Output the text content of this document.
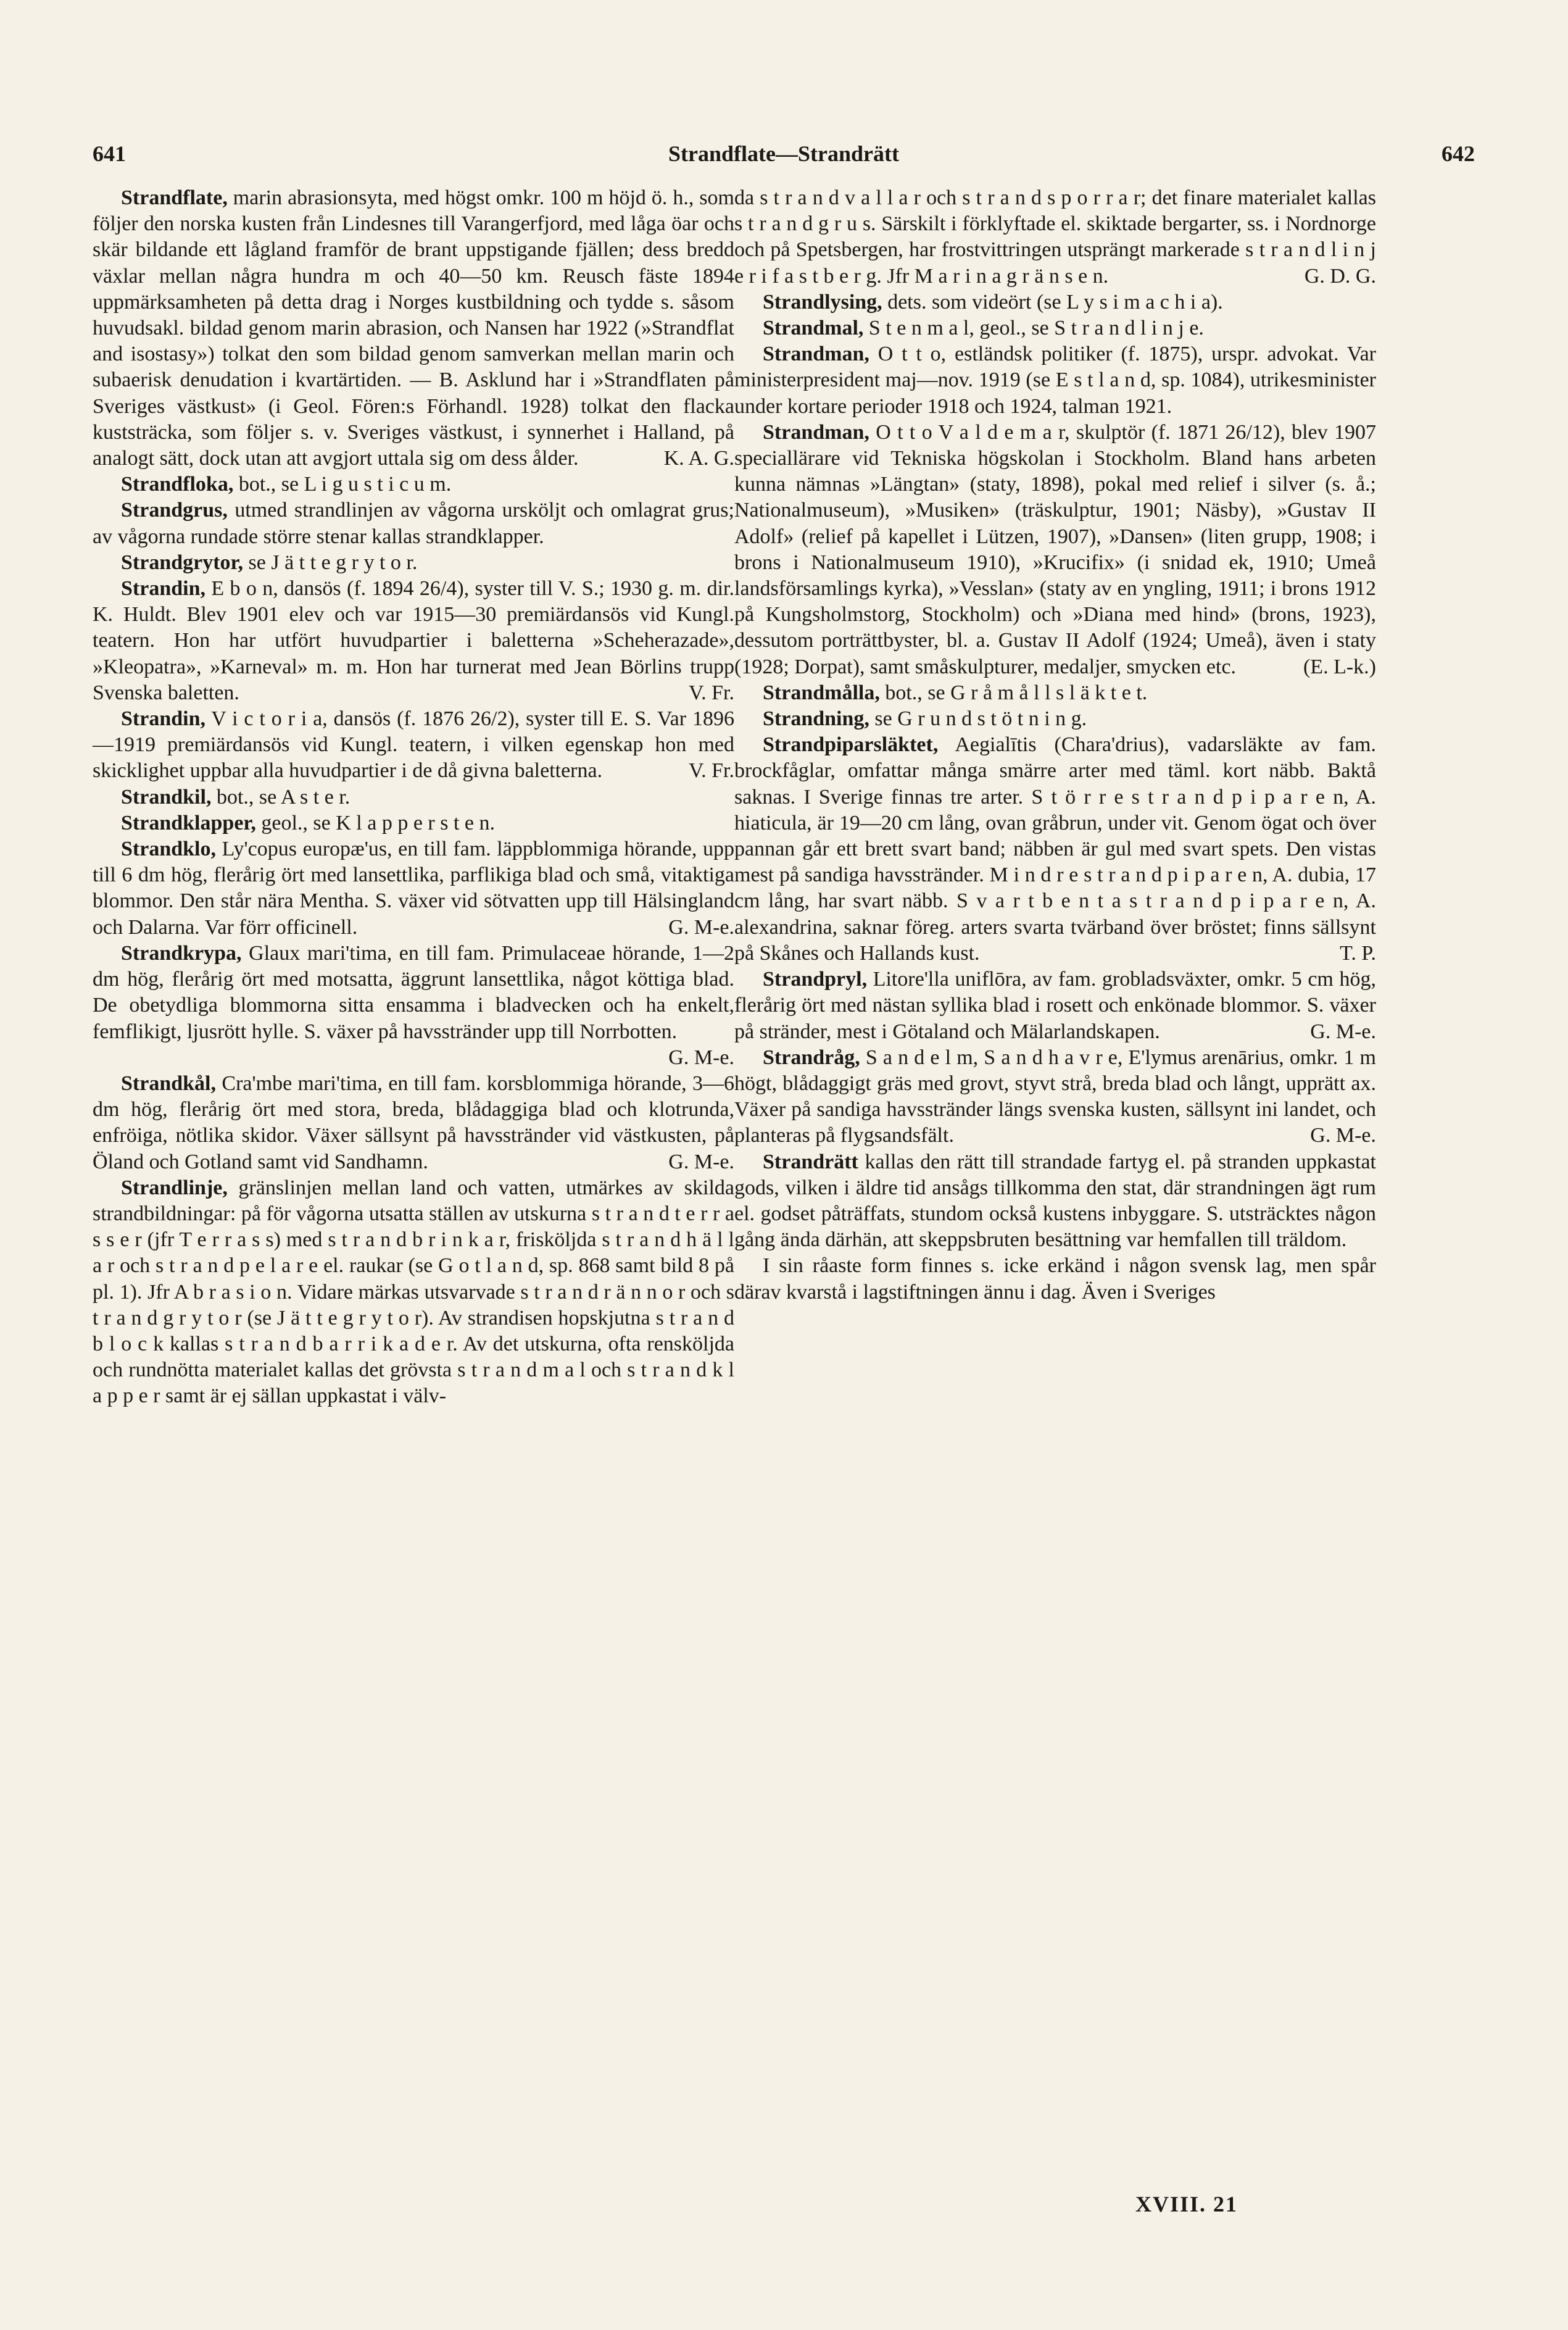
641	Strandflate—Strandrätt	642

Strandflate, marin abrasionsyta, med högst omkr. 100 m höjd ö. h., som följer den norska kusten från Lindesnes till Varangerfjord, med låga öar och skär bildande ett lågland framför de brant uppstigande fjällen; dess bredd växlar mellan några hundra m och 40—50 km. Reusch fäste 1894 uppmärksamheten på detta drag i Norges kustbildning och tydde s. såsom huvudsakl. bildad genom marin abrasion, och Nansen har 1922 (»Strandflat and isostasy») tolkat den som bildad genom samverkan mellan marin och subaerisk denudation i kvartärtiden. — B. Asklund har i »Strandflaten på Sveriges västkust» (i Geol. Fören:s Förhandl. 1928) tolkat den flacka kuststräcka, som följer s. v. Sveriges västkust, i synnerhet i Halland, på analogt sätt, dock utan att avgjort uttala sig om dess ålder.	K. A. G.

Strandfloka, bot., se L i g u s t i c u m.

Strandgrus, utmed strandlinjen av vågorna ursköljt och omlagrat grus; av vågorna rundade större stenar kallas strandklapper.

Strandgrytor, se J ä t t e g r y t o r.

Strandin, E b o n, dansös (f. 1894 26/4), syster till V. S.; 1930 g. m. dir. K. Huldt. Blev 1901 elev och var 1915—30 premiärdansös vid Kungl. teatern. Hon har utfört huvudpartier i baletterna »Scheherazade», »Kleopatra», »Karneval» m. m. Hon har turnerat med Jean Börlins trupp Svenska baletten.	V. Fr.

Strandin, V i c t o r i a, dansös (f. 1876 26/2), syster till E. S. Var 1896—1919 premiärdansös vid Kungl. teatern, i vilken egenskap hon med skicklighet uppbar alla huvudpartier i de då givna baletterna.	V. Fr.

Strandkil, bot., se A s t e r.

Strandklapper, geol., se K l a p p e r s t e n.

Strandklo, Ly'copus europæ'us, en till fam. läppblommiga hörande, upp till 6 dm hög, flerårig ört med lansettlika, parflikiga blad och små, vitaktiga blommor. Den står nära Mentha. S. växer vid sötvatten upp till Hälsingland och Dalarna. Var förr officinell.	G. M-e.

Strandkrypa, Glaux mari'tima, en till fam. Primulaceae hörande, 1—2 dm hög, flerårig ört med motsatta, äggrunt lansettlika, något köttiga blad. De obetydliga blommorna sitta ensamma i bladvecken och ha enkelt, femflikigt, ljusrött hylle. S. växer på havsstränder upp till Norrbotten.
G. M-e.

Strandkål, Cra'mbe mari'tima, en till fam. korsblommiga hörande, 3—6 dm hög, flerårig ört med stora, breda, blådaggiga blad och klotrunda, enfröiga, nötlika skidor. Växer sällsynt på havsstränder vid västkusten, på Öland och Gotland samt vid Sandhamn.	G. M-e.

Strandlinje, gränslinjen mellan land och vatten, utmärkes av skilda strandbildningar: på för vågorna utsatta ställen av utskurna s t r a n d t e r r a s s e r (jfr T e r r a s s) med s t r a n d b r i n k a r, frisköljda s t r a n d h ä l l a r och s t r a n d p e l a r e el. raukar (se G o t l a n d, sp. 868 samt bild 8 på pl. 1). Jfr A b r a s i o n. Vidare märkas utsvarvade s t r a n d r ä n n o r och s t r a n d g r y t o r (se J ä t t e g r y t o r). Av strandisen hopskjutna s t r a n d b l o c k kallas s t r a n d b a r r i k a d e r. Av det utskurna, ofta rensköljda och rundnötta materialet kallas det grövsta s t r a n d m a l och s t r a n d k l a p p e r samt är ej sällan uppkastat i välv-

da s t r a n d v a l l a r och s t r a n d s p o r r a r; det finare materialet kallas s t r a n d g r u s. Särskilt i förklyftade el. skiktade bergarter, ss. i Nordnorge och på Spetsbergen, har frostvittringen utsprängt markerade s t r a n d l i n j e r i f a s t b e r g. Jfr M a r i n a g r ä n s e n.	G. D. G.

Strandlysing, dets. som videört (se L y s i m a c h i a).

Strandmal, S t e n m a l, geol., se S t r a n d l i n j e.

Strandman, O t t o, estländsk politiker (f. 1875), urspr. advokat. Var ministerpresident maj—nov. 1919 (se E s t l a n d, sp. 1084), utrikesminister under kortare perioder 1918 och 1924, talman 1921.

Strandman, O t t o V a l d e m a r, skulptör (f. 1871 26/12), blev 1907 speciallärare vid Tekniska högskolan i Stockholm. Bland hans arbeten kunna nämnas »Längtan» (staty, 1898), pokal med relief i silver (s. å.; Nationalmuseum), »Musiken» (träskulptur, 1901; Näsby), »Gustav II Adolf» (relief på kapellet i Lützen, 1907), »Dansen» (liten grupp, 1908; i brons i Nationalmuseum 1910), »Krucifix» (i snidad ek, 1910; Umeå landsförsamlings kyrka), »Vesslan» (staty av en yngling, 1911; i brons 1912 på Kungsholmstorg, Stockholm) och »Diana med hind» (brons, 1923), dessutom porträttbyster, bl. a. Gustav II Adolf (1924; Umeå), även i staty (1928; Dorpat), samt småskulpturer, medaljer, smycken etc.	(E. L-k.)

Strandmålla, bot., se G r å m å l l s l ä k t e t.

Strandning, se G r u n d s t ö t n i n g.

Strandpiparsläktet, Aegialītis (Chara'drius), vadarsläkte av fam. brockfåglar, omfattar många smärre arter med täml. kort näbb. Baktå saknas. I Sverige finnas tre arter. S t ö r r e s t r a n d p i p a r e n, A. hiaticula, är 19—20 cm lång, ovan gråbrun, under vit. Genom ögat och över pannan går ett brett svart band; näbben är gul med svart spets. Den vistas mest på sandiga havsstränder. M i n d r e s t r a n d p i p a r e n, A. dubia, 17 cm lång, har svart näbb. S v a r t b e n t a s t r a n d p i p a r e n, A. alexandrina, saknar föreg. arters svarta tvärband över bröstet; finns sällsynt på Skånes och Hallands kust.	T. P.

Strandpryl, Litore'lla uniflōra, av fam. grobladsväxter, omkr. 5 cm hög, flerårig ört med nästan syllika blad i rosett och enkönade blommor. S. växer på stränder, mest i Götaland och Mälarlandskapen.	G. M-e.

Strandråg, S a n d e l m, S a n d h a v r e, E'lymus arenārius, omkr. 1 m högt, blådaggigt gräs med grovt, styvt strå, breda blad och långt, upprätt ax. Växer på sandiga havsstränder längs svenska kusten, sällsynt ini landet, och planteras på flygsandsfält.	G. M-e.

Strandrätt kallas den rätt till strandade fartyg el. på stranden uppkastat gods, vilken i äldre tid ansågs tillkomma den stat, där strandningen ägt rum el. godset påträffats, stundom också kustens inbyggare. S. utsträcktes någon gång ända därhän, att skeppsbruten besättning var hemfallen till träldom.

I sin råaste form finnes s. icke erkänd i någon svensk lag, men spår därav kvarstå i lagstiftningen ännu i dag. Även i Sveriges

XVIII. 21
